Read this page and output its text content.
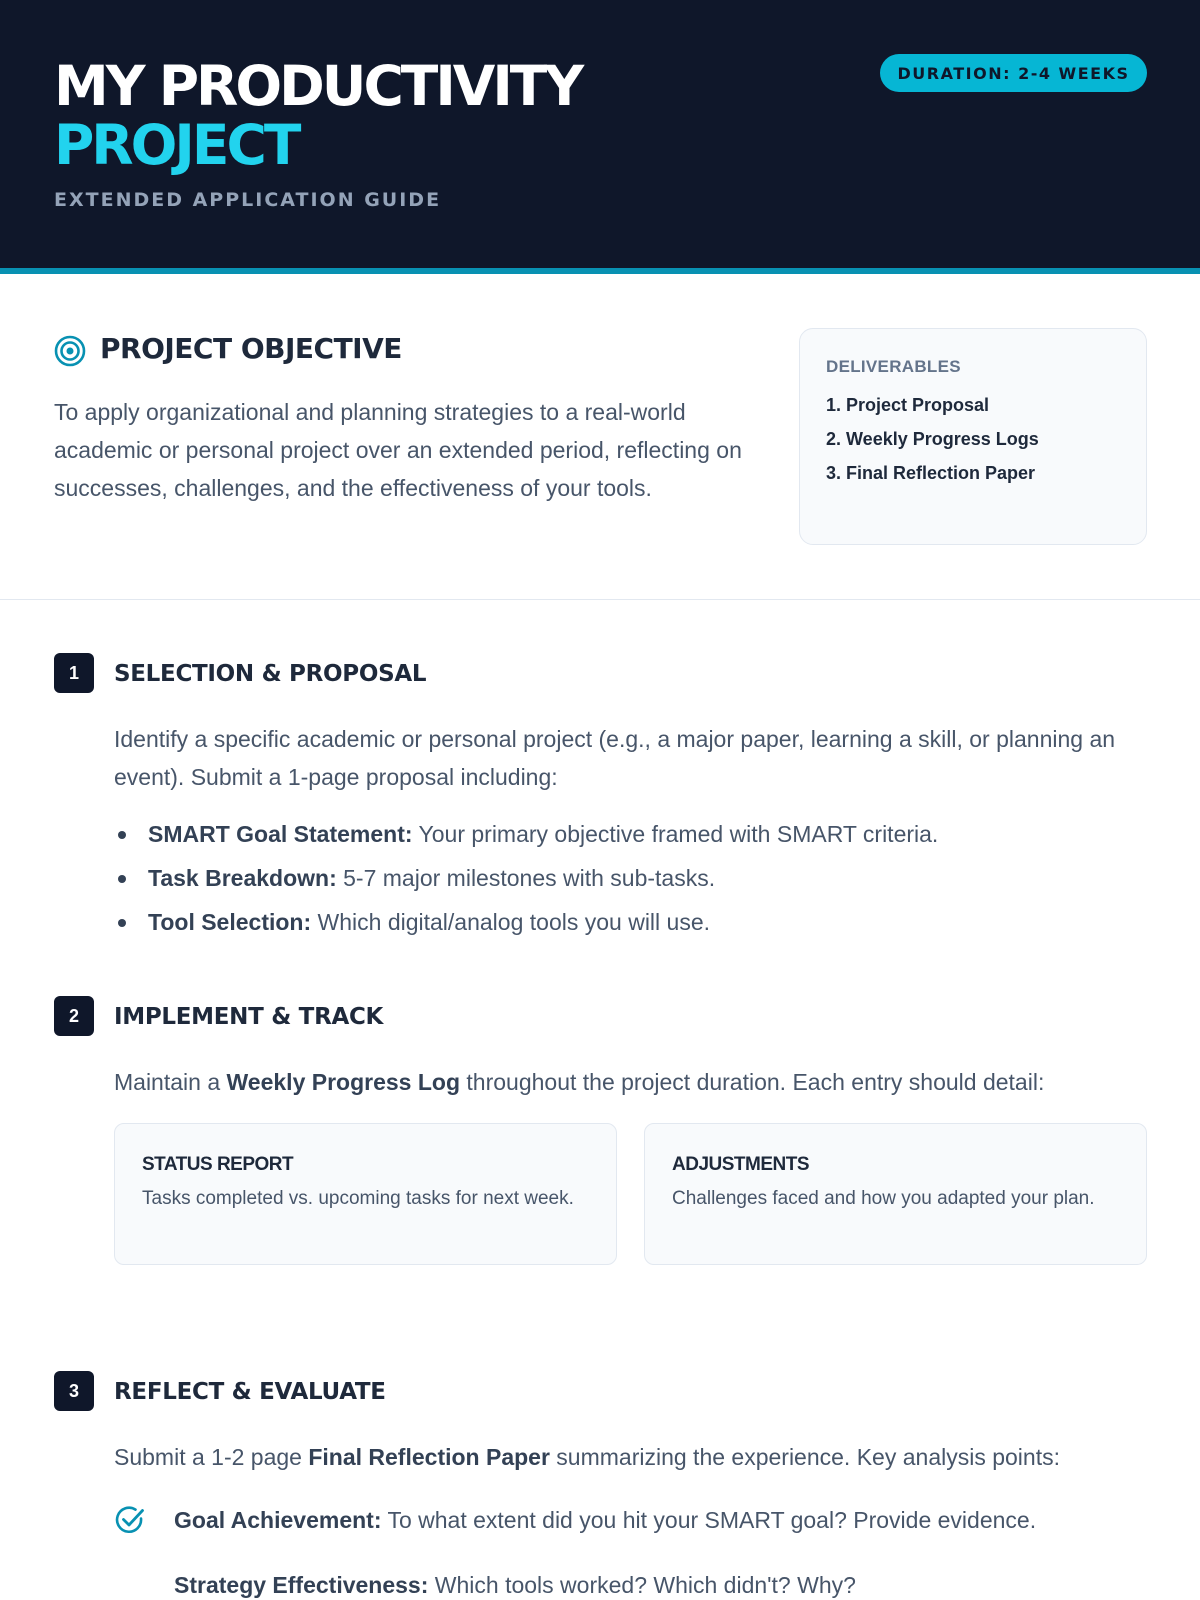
MY PRODUCTIVITY
PROJECT
EXTENDED APPLICATION GUIDE
DURATION: 2-4 WEEKS
PROJECT OBJECTIVE
To apply organizational and planning strategies to a real-world academic or personal project over an extended period, reflecting on successes, challenges, and the effectiveness of your tools.
DELIVERABLES
1. Project Proposal
2. Weekly Progress Logs
3. Final Reflection Paper
1	SELECTION & PROPOSAL
Identify a specific academic or personal project (e.g., a major paper, learning a skill, or planning an event). Submit a 1-page proposal including:
SMART Goal Statement: Your primary objective framed with SMART criteria.
Task Breakdown: 5-7 major milestones with sub-tasks.
Tool Selection: Which digital/analog tools you will use.
2	IMPLEMENT & TRACK
Maintain a Weekly Progress Log throughout the project duration. Each entry should detail:
STATUS REPORT
Tasks completed vs. upcoming tasks for next week.
ADJUSTMENTS
Challenges faced and how you adapted your plan.
3	REFLECT & EVALUATE
Submit a 1-2 page Final Reflection Paper summarizing the experience. Key analysis points:
Goal Achievement: To what extent did you hit your SMART goal? Provide evidence.
Strategy Effectiveness: Which tools worked? Which didn't? Why?
